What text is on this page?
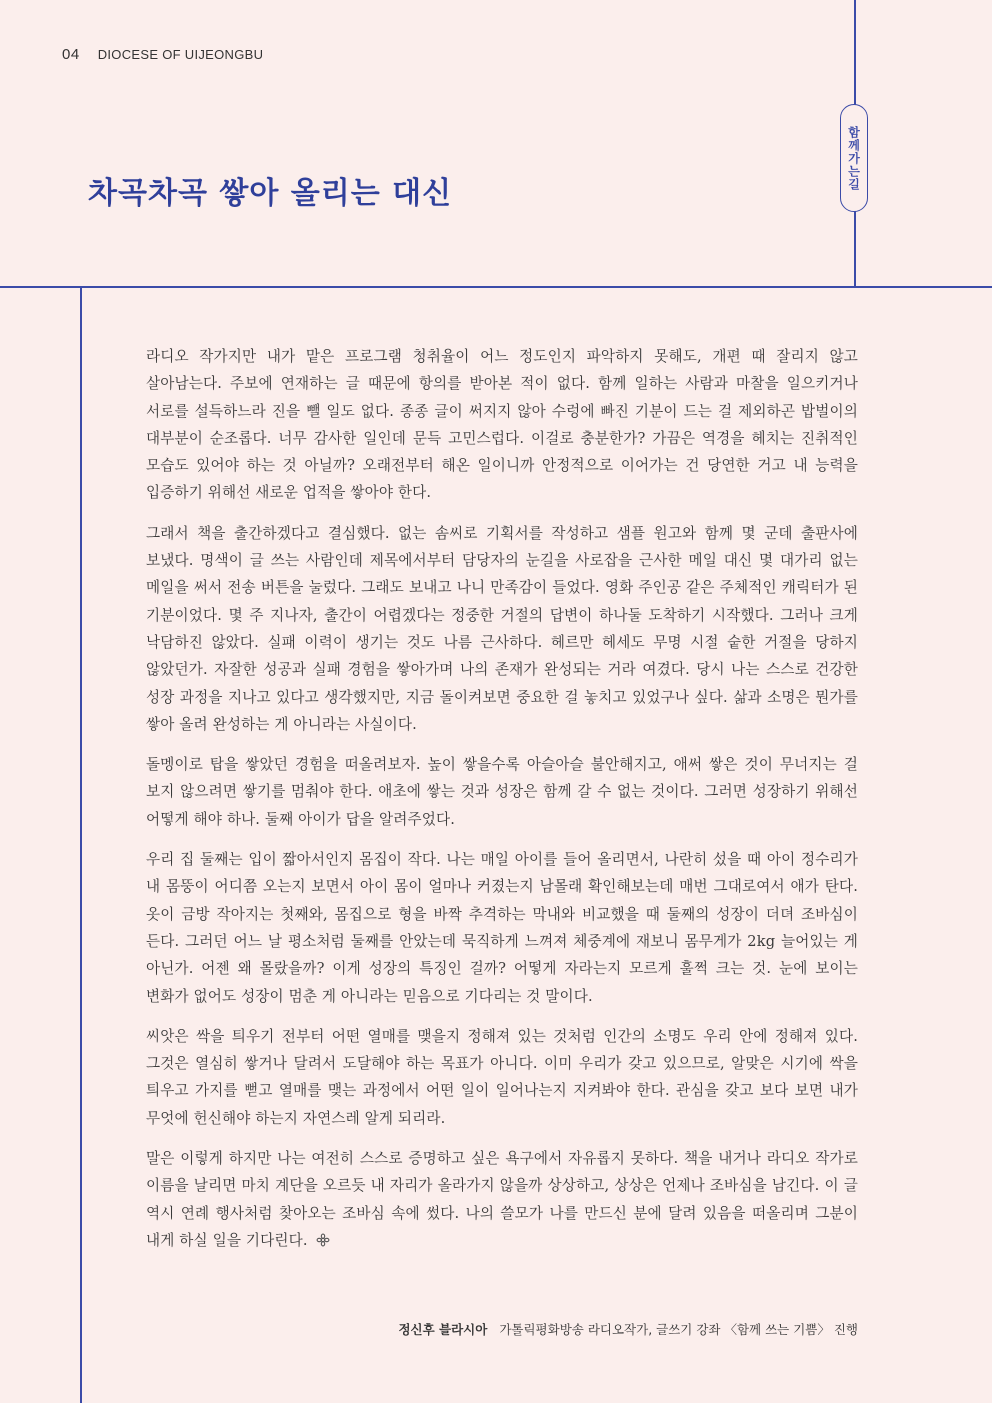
함께가는길
04 DIOCESE OF UIJEONGBU
차곡차곡 쌓아 올리는 대신

라디오 작가지만 내가 맡은 프로그램 청취율이 어느 정도인지 파악하지 못해도, 개편 때 잘리지 않고 살아남는다. 주보에 연재하는 글 때문에 항의를 받아본 적이 없다. 함께 일하는 사람과 마찰을 일으키거나 서로를 설득하느라 진을 뺄 일도 없다. 종종 글이 써지지 않아 수렁에 빠진 기분이 드는 걸 제외하곤 밥벌이의 대부분이 순조롭다. 너무 감사한 일인데 문득 고민스럽다. 이걸로 충분한가? 가끔은 역경을 헤치는 진취적인 모습도 있어야 하는 것 아닐까? 오래전부터 해온 일이니까 안정적으로 이어가는 건 당연한 거고 내 능력을 입증하기 위해선 새로운 업적을 쌓아야 한다.

그래서 책을 출간하겠다고 결심했다. 없는 솜씨로 기획서를 작성하고 샘플 원고와 함께 몇 군데 출판사에 보냈다. 명색이 글 쓰는 사람인데 제목에서부터 담당자의 눈길을 사로잡을 근사한 메일 대신 몇 대가리 없는 메일을 써서 전송 버튼을 눌렀다. 그래도 보내고 나니 만족감이 들었다. 영화 주인공 같은 주체적인 캐릭터가 된 기분이었다. 몇 주 지나자, 출간이 어렵겠다는 정중한 거절의 답변이 하나둘 도착하기 시작했다. 그러나 크게 낙담하진 않았다. 실패 이력이 생기는 것도 나름 근사하다. 헤르만 헤세도 무명 시절 숱한 거절을 당하지 않았던가. 자잘한 성공과 실패 경험을 쌓아가며 나의 존재가 완성되는 거라 여겼다. 당시 나는 스스로 건강한 성장 과정을 지나고 있다고 생각했지만, 지금 돌이켜보면 중요한 걸 놓치고 있었구나 싶다. 삶과 소명은 뭔가를 쌓아 올려 완성하는 게 아니라는 사실이다.

돌멩이로 탑을 쌓았던 경험을 떠올려보자. 높이 쌓을수록 아슬아슬 불안해지고, 애써 쌓은 것이 무너지는 걸 보지 않으려면 쌓기를 멈춰야 한다. 애초에 쌓는 것과 성장은 함께 갈 수 없는 것이다. 그러면 성장하기 위해선 어떻게 해야 하나. 둘째 아이가 답을 알려주었다.

우리 집 둘째는 입이 짧아서인지 몸집이 작다. 나는 매일 아이를 들어 올리면서, 나란히 섰을 때 아이 정수리가 내 몸뚱이 어디쯤 오는지 보면서 아이 몸이 얼마나 커졌는지 남몰래 확인해보는데 매번 그대로여서 애가 탄다. 옷이 금방 작아지는 첫째와, 몸집으로 형을 바짝 추격하는 막내와 비교했을 때 둘째의 성장이 더뎌 조바심이 든다. 그러던 어느 날 평소처럼 둘째를 안았는데 묵직하게 느껴져 체중계에 재보니 몸무게가 2kg 늘어있는 게 아닌가. 어젠 왜 몰랐을까? 이게 성장의 특징인 걸까? 어떻게 자라는지 모르게 훌쩍 크는 것. 눈에 보이는 변화가 없어도 성장이 멈춘 게 아니라는 믿음으로 기다리는 것 말이다.

씨앗은 싹을 틔우기 전부터 어떤 열매를 맺을지 정해져 있는 것처럼 인간의 소명도 우리 안에 정해져 있다. 그것은 열심히 쌓거나 달려서 도달해야 하는 목표가 아니다. 이미 우리가 갖고 있으므로, 알맞은 시기에 싹을 틔우고 가지를 뻗고 열매를 맺는 과정에서 어떤 일이 일어나는지 지켜봐야 한다. 관심을 갖고 보다 보면 내가 무엇에 헌신해야 하는지 자연스레 알게 되리라.

말은 이렇게 하지만 나는 여전히 스스로 증명하고 싶은 욕구에서 자유롭지 못하다. 책을 내거나 라디오 작가로 이름을 날리면 마치 계단을 오르듯 내 자리가 올라가지 않을까 상상하고, 상상은 언제나 조바심을 남긴다. 이 글 역시 연례 행사처럼 찾아오는 조바심 속에 썼다. 나의 쓸모가 나를 만드신 분에 달려 있음을 떠올리며 그분이 내게 하실 일을 기다린다.

정신후 블라시아 가톨릭평화방송 라디오작가, 글쓰기 강좌 〈함께 쓰는 기쁨〉 진행
